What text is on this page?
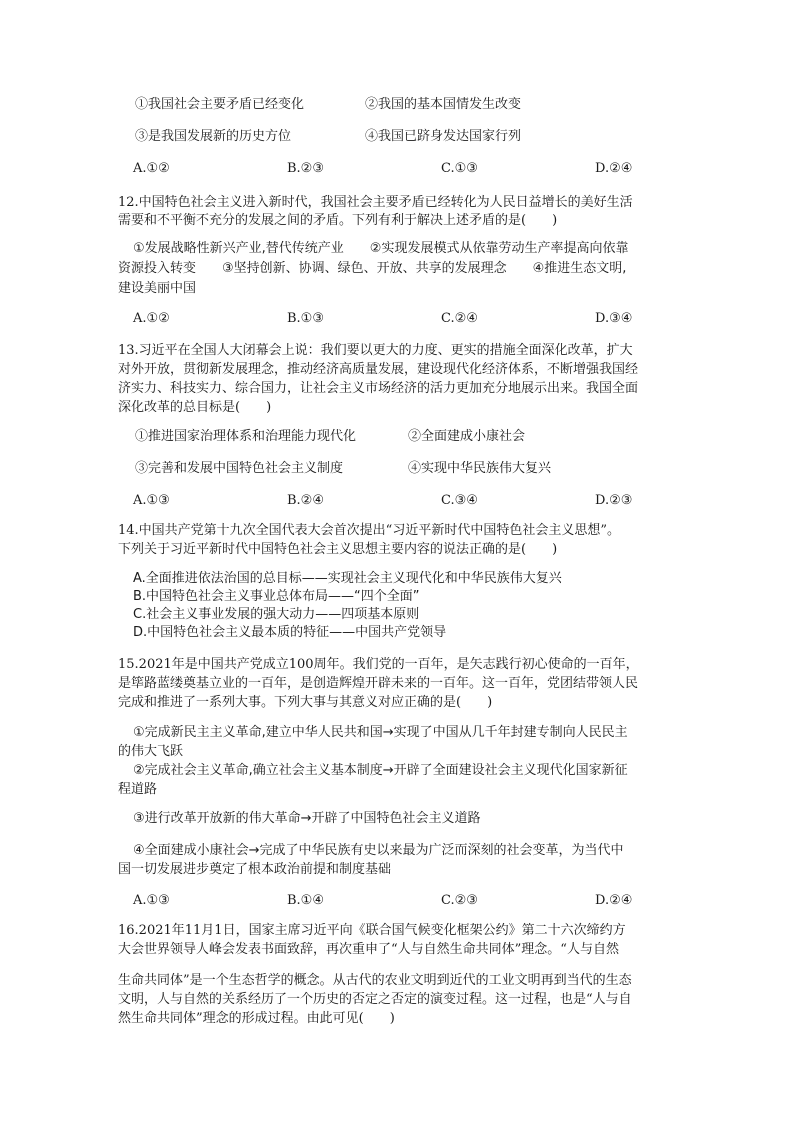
①我国社会主要矛盾已经变化	②我国的基本国情发生改变
③是我国发展新的历史方位	④我国已跻身发达国家行列
A.①②	B.②③	C.①③	D.②④
12.中国特色社会主义进入新时代，我国社会主要矛盾已经转化为人民日益增长的美好生活
需要和不平衡不充分的发展之间的矛盾。下列有利于解决上述矛盾的是(　　)
①发展战略性新兴产业,替代传统产业　　②实现发展模式从依靠劳动生产率提高向依靠
资源投入转变　　③坚持创新、协调、绿色、开放、共享的发展理念　　④推进生态文明,
建设美丽中国
A.①②	B.①③	C.②④	D.③④
13.习近平在全国人大闭幕会上说：我们要以更大的力度、更实的措施全面深化改革，扩大
对外开放，贯彻新发展理念，推动经济高质量发展，建设现代化经济体系，不断增强我国经
济实力、科技实力、综合国力，让社会主义市场经济的活力更加充分地展示出来。我国全面
深化改革的总目标是(　　)
①推进国家治理体系和治理能力现代化	②全面建成小康社会
③完善和发展中国特色社会主义制度	④实现中华民族伟大复兴
A.①③	B.②④	C.③④	D.②③
14.中国共产党第十九次全国代表大会首次提出“习近平新时代中国特色社会主义思想”。
下列关于习近平新时代中国特色社会主义思想主要内容的说法正确的是(　　)
A.全面推进依法治国的总目标——实现社会主义现代化和中华民族伟大复兴
B.中国特色社会主义事业总体布局——“四个全面”
C.社会主义事业发展的强大动力——四项基本原则
D.中国特色社会主义最本质的特征——中国共产党领导
15.2021年是中国共产党成立100周年。我们党的一百年，是矢志践行初心使命的一百年，
是筚路蓝缕奠基立业的一百年，是创造辉煌开辟未来的一百年。这一百年，党团结带领人民
完成和推进了一系列大事。下列大事与其意义对应正确的是(　　)
①完成新民主主义革命,建立中华人民共和国→实现了中国从几千年封建专制向人民民主
的伟大飞跃
②完成社会主义革命,确立社会主义基本制度→开辟了全面建设社会主义现代化国家新征
程道路
③进行改革开放新的伟大革命→开辟了中国特色社会主义道路
④全面建成小康社会→完成了中华民族有史以来最为广泛而深刻的社会变革，为当代中
国一切发展进步奠定了根本政治前提和制度基础
A.①③	B.①④	C.②③	D.②④
16.2021年11月1日，国家主席习近平向《联合国气候变化框架公约》第二十六次缔约方
大会世界领导人峰会发表书面致辞，再次重申了“人与自然生命共同体”理念。“人与自然
生命共同体”是一个生态哲学的概念。从古代的农业文明到近代的工业文明再到当代的生态
文明，人与自然的关系经历了一个历史的否定之否定的演变过程。这一过程，也是“人与自
然生命共同体”理念的形成过程。由此可见(　　)
